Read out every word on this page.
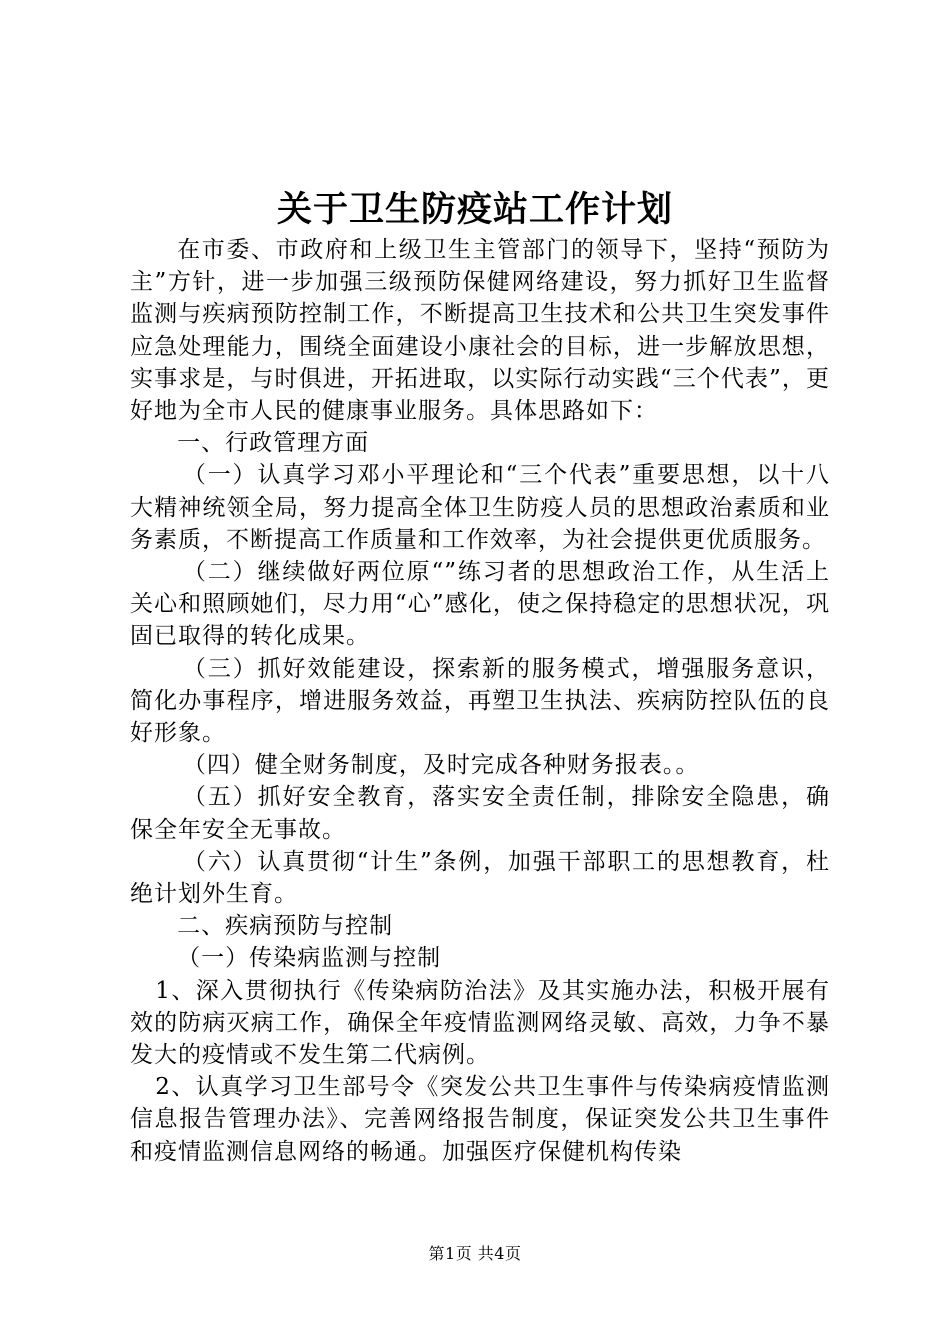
关于卫生防疫站工作计划

在市委、市政府和上级卫生主管部门的领导下，坚持“预防为主”方针，进一步加强三级预防保健网络建设，努力抓好卫生监督监测与疾病预防控制工作，不断提高卫生技术和公共卫生突发事件应急处理能力，围绕全面建设小康社会的目标，进一步解放思想，实事求是，与时俱进，开拓进取，以实际行动实践“三个代表”，更好地为全市人民的健康事业服务。具体思路如下：

一、行政管理方面

（一）认真学习邓小平理论和“三个代表”重要思想，以十八大精神统领全局，努力提高全体卫生防疫人员的思想政治素质和业务素质，不断提高工作质量和工作效率，为社会提供更优质服务。

（二）继续做好两位原“”练习者的思想政治工作，从生活上关心和照顾她们，尽力用“心”感化，使之保持稳定的思想状况，巩固已取得的转化成果。

（三）抓好效能建设，探索新的服务模式，增强服务意识，简化办事程序，增进服务效益，再塑卫生执法、疾病防控队伍的良好形象。

（四）健全财务制度，及时完成各种财务报表。。

（五）抓好安全教育，落实安全责任制，排除安全隐患，确保全年安全无事故。

（六）认真贯彻“计生”条例，加强干部职工的思想教育，杜绝计划外生育。

二、疾病预防与控制

（一）传染病监测与控制

1、深入贯彻执行《传染病防治法》及其实施办法，积极开展有效的防病灭病工作，确保全年疫情监测网络灵敏、高效，力争不暴发大的疫情或不发生第二代病例。

2、认真学习卫生部号令《突发公共卫生事件与传染病疫情监测信息报告管理办法》、完善网络报告制度，保证突发公共卫生事件和疫情监测信息网络的畅通。加强医疗保健机构传染

第1页 共4页
